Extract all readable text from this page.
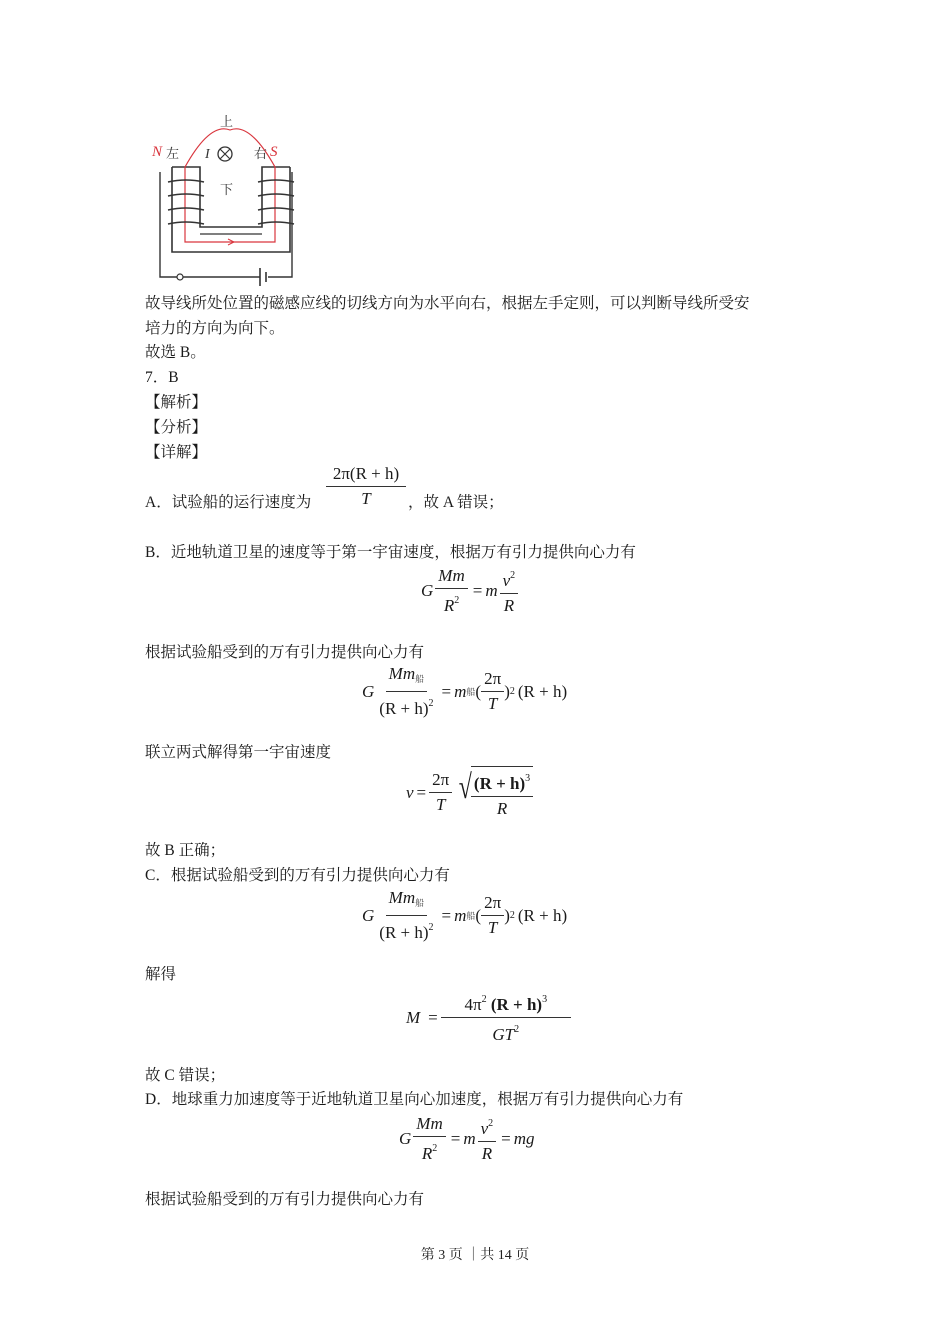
上
下
左	右
N	S
I
故导线所处位置的磁感应线的切线方向为水平向右，根据左手定则，可以判断导线所受安
培力的方向为向下。
故选 B。
7．B
【解析】
【分析】
【详解】
A．试验船的运行速度为 $\frac{2\pi(R + h)}{T}$ ，故 A 错误；
B．近地轨道卫星的速度等于第一宇宙速度，根据万有引力提供向心力有
G $\frac{Mm}{R^2} = m \frac{v^2}{R}$
根据试验船受到的万有引力提供向心力有
G $\frac{Mm_船}{(R + h)^2} = m$ 船 ( $\frac{2\pi}{T}$ ) 2 (R + h)
联立两式解得第一宇宙速度
$v = \frac{2\pi}{T}$ √
$\frac{(R + h)^3}{R}$
故 B 正确；
C．根据试验船受到的万有引力提供向心力有
G $\frac{Mm_船}{(R + h)^2} = m$ 船 ( $\frac{2\pi}{T}$ ) 2 (R + h)
解得
$M = \frac{4\pi^2 (R + h)^3}{GT^2}$
故 C 错误；
D．地球重力加速度等于近地轨道卫星向心加速度，根据万有引力提供向心力有
G $\frac{Mm}{R^2} = m \frac{v^2}{R}$ = mg
根据试验船受到的万有引力提供向心力有
第 3 页 ｜共 14 页
